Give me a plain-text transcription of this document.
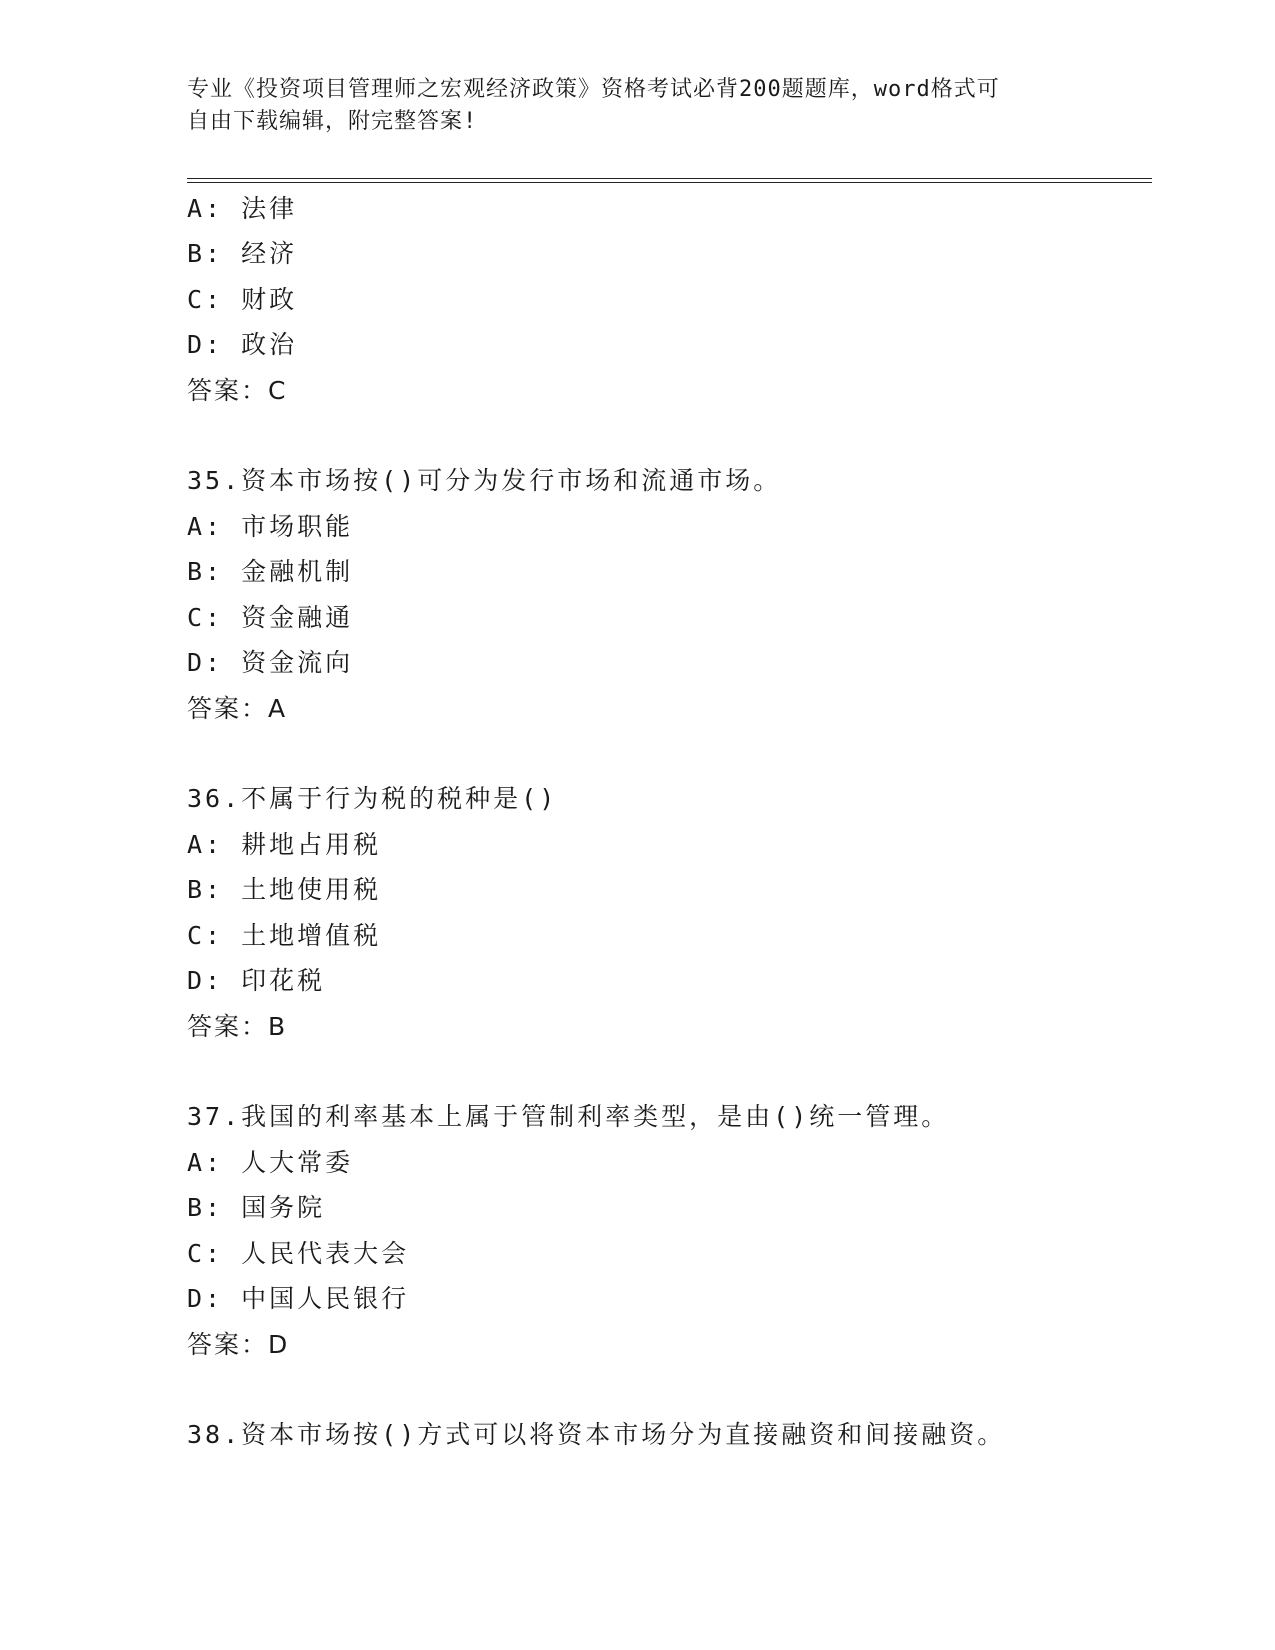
专业《投资项目管理师之宏观经济政策》资格考试必背200题题库，word格式可
自由下载编辑，附完整答案!
A: 法律
B: 经济
C: 财政
D: 政治
答案：C
35.资本市场按()可分为发行市场和流通市场。
A: 市场职能
B: 金融机制
C: 资金融通
D: 资金流向
答案：A
36.不属于行为税的税种是()
A: 耕地占用税
B: 土地使用税
C: 土地增值税
D: 印花税
答案：B
37.我国的利率基本上属于管制利率类型，是由()统一管理。
A: 人大常委
B: 国务院
C: 人民代表大会
D: 中国人民银行
答案：D
38.资本市场按()方式可以将资本市场分为直接融资和间接融资。
